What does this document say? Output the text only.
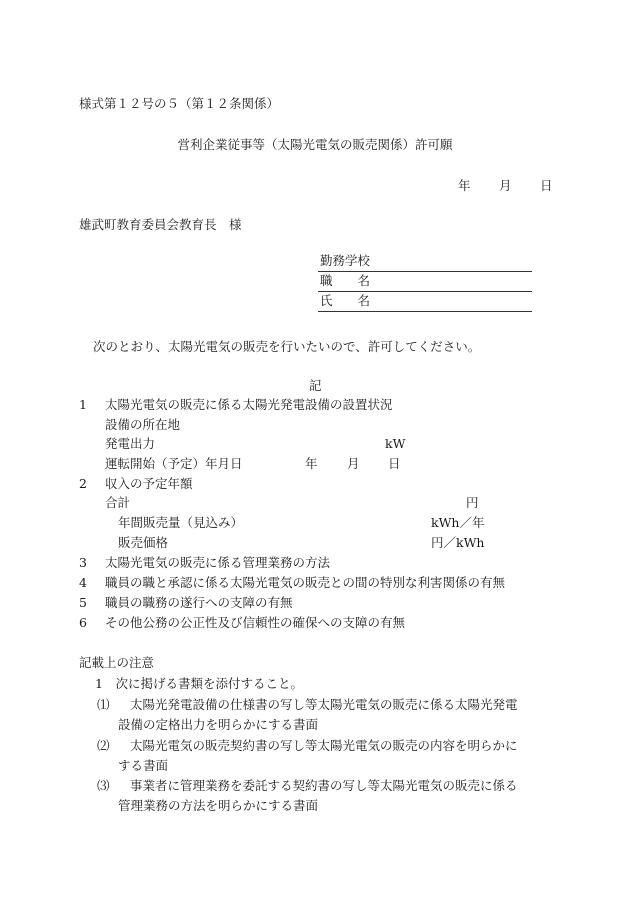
様式第１２号の５（第１２条関係）
営利企業従事等（太陽光電気の販売関係）許可願
年 月 日
雄武町教育委員会教育長　様
勤務学校
職　　名
氏　　名
次のとおり、太陽光電気の販売を行いたいので、許可してください。
記
1 太陽光電気の販売に係る太陽光発電設備の設置状況
設備の所在地
発電出力	kW
運転開始（予定）年月日	年 月 日
2 収入の予定年額
合計	円
年間販売量（見込み）	kWh／年
販売価格	円／kWh
3 太陽光電気の販売に係る管理業務の方法
4 職員の職と承認に係る太陽光電気の販売との間の特別な利害関係の有無
5 職員の職務の遂行への支障の有無
6 その他公務の公正性及び信頼性の確保への支障の有無
記載上の注意
1　次に掲げる書類を添付すること。
⑴ 太陽光発電設備の仕様書の写し等太陽光電気の販売に係る太陽光発電
設備の定格出力を明らかにする書面
⑵ 太陽光電気の販売契約書の写し等太陽光電気の販売の内容を明らかに
する書面
⑶ 事業者に管理業務を委託する契約書の写し等太陽光電気の販売に係る
管理業務の方法を明らかにする書面
